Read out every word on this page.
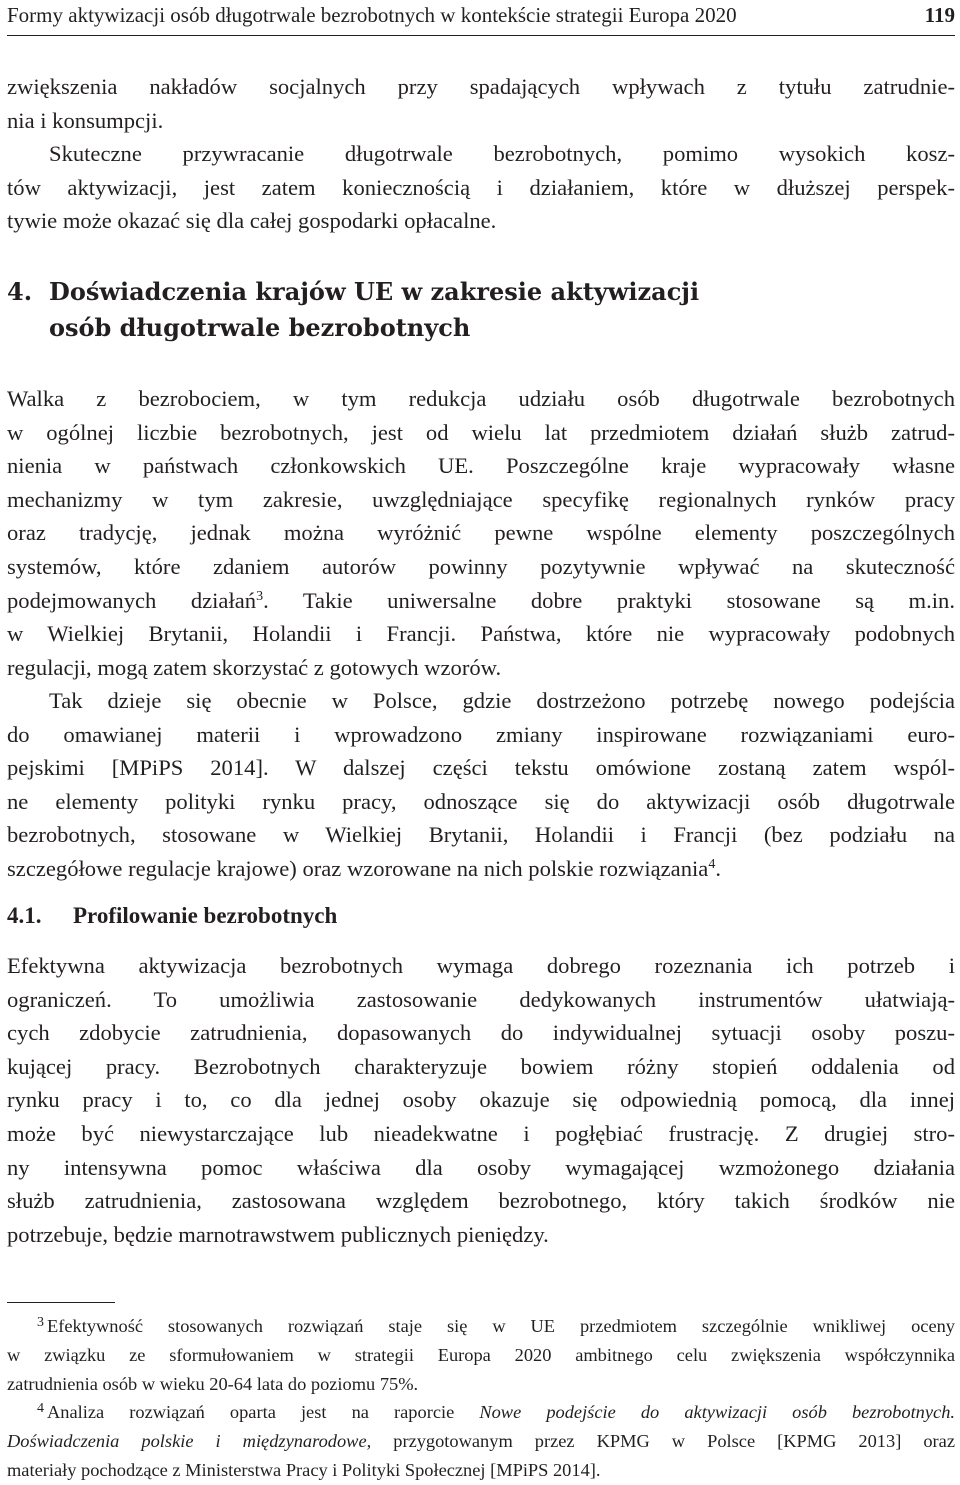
Formy aktywizacji osób długotrwale bezrobotnych w kontekście strategii Europa 2020	119
zwiększenia nakładów socjalnych przy spadających wpływach z tytułu zatrudnie-
nia i konsumpcji.
Skuteczne przywracanie długotrwale bezrobotnych, pomimo wysokich kosz-
tów aktywizacji, jest zatem koniecznością i działaniem, które w dłuższej perspek-
tywie może okazać się dla całej gospodarki opłacalne.
4. Doświadczenia krajów UE w zakresie aktywizacji
osób długotrwale bezrobotnych
Walka z bezrobociem, w tym redukcja udziału osób długotrwale bezrobotnych
w ogólnej liczbie bezrobotnych, jest od wielu lat przedmiotem działań służb zatrud-
nienia w państwach członkowskich UE. Poszczególne kraje wypracowały własne
mechanizmy w tym zakresie, uwzględniające specyfikę regionalnych rynków pracy
oraz tradycję, jednak można wyróżnić pewne wspólne elementy poszczególnych
systemów, które zdaniem autorów powinny pozytywnie wpływać na skuteczność
podejmowanych działań$^3$. Takie uniwersalne dobre praktyki stosowane są m.in.
w Wielkiej Brytanii, Holandii i Francji. Państwa, które nie wypracowały podobnych
regulacji, mogą zatem skorzystać z gotowych wzorów.
Tak dzieje się obecnie w Polsce, gdzie dostrzeżono potrzebę nowego podejścia
do omawianej materii i wprowadzono zmiany inspirowane rozwiązaniami euro-
pejskimi [MPiPS 2014]. W dalszej części tekstu omówione zostaną zatem wspól-
ne elementy polityki rynku pracy, odnoszące się do aktywizacji osób długotrwale
bezrobotnych, stosowane w Wielkiej Brytanii, Holandii i Francji (bez podziału na
szczegółowe regulacje krajowe) oraz wzorowane na nich polskie rozwiązania$^4$.
4.1. Profilowanie bezrobotnych
Efektywna aktywizacja bezrobotnych wymaga dobrego rozeznania ich potrzeb i
ograniczeń. To umożliwia zastosowanie dedykowanych instrumentów ułatwiają-
cych zdobycie zatrudnienia, dopasowanych do indywidualnej sytuacji osoby poszu-
kującej pracy. Bezrobotnych charakteryzuje bowiem różny stopień oddalenia od
rynku pracy i to, co dla jednej osoby okazuje się odpowiednią pomocą, dla innej
może być niewystarczające lub nieadekwatne i pogłębiać frustrację. Z drugiej stro-
ny intensywna pomoc właściwa dla osoby wymagającej wzmożonego działania
służb zatrudnienia, zastosowana względem bezrobotnego, który takich środków nie
potrzebuje, będzie marnotrawstwem publicznych pieniędzy.
3 Efektywność stosowanych rozwiązań staje się w UE przedmiotem szczególnie wnikliwej oceny
w związku ze sformułowaniem w strategii Europa 2020 ambitnego celu zwiększenia współczynnika
zatrudnienia osób w wieku 20-64 lata do poziomu 75%.
4 Analiza rozwiązań oparta jest na raporcie Nowe podejście do aktywizacji osób bezrobotnych.
Doświadczenia polskie i międzynarodowe, przygotowanym przez KPMG w Polsce [KPMG 2013] oraz
materiały pochodzące z Ministerstwa Pracy i Polityki Społecznej [MPiPS 2014].
